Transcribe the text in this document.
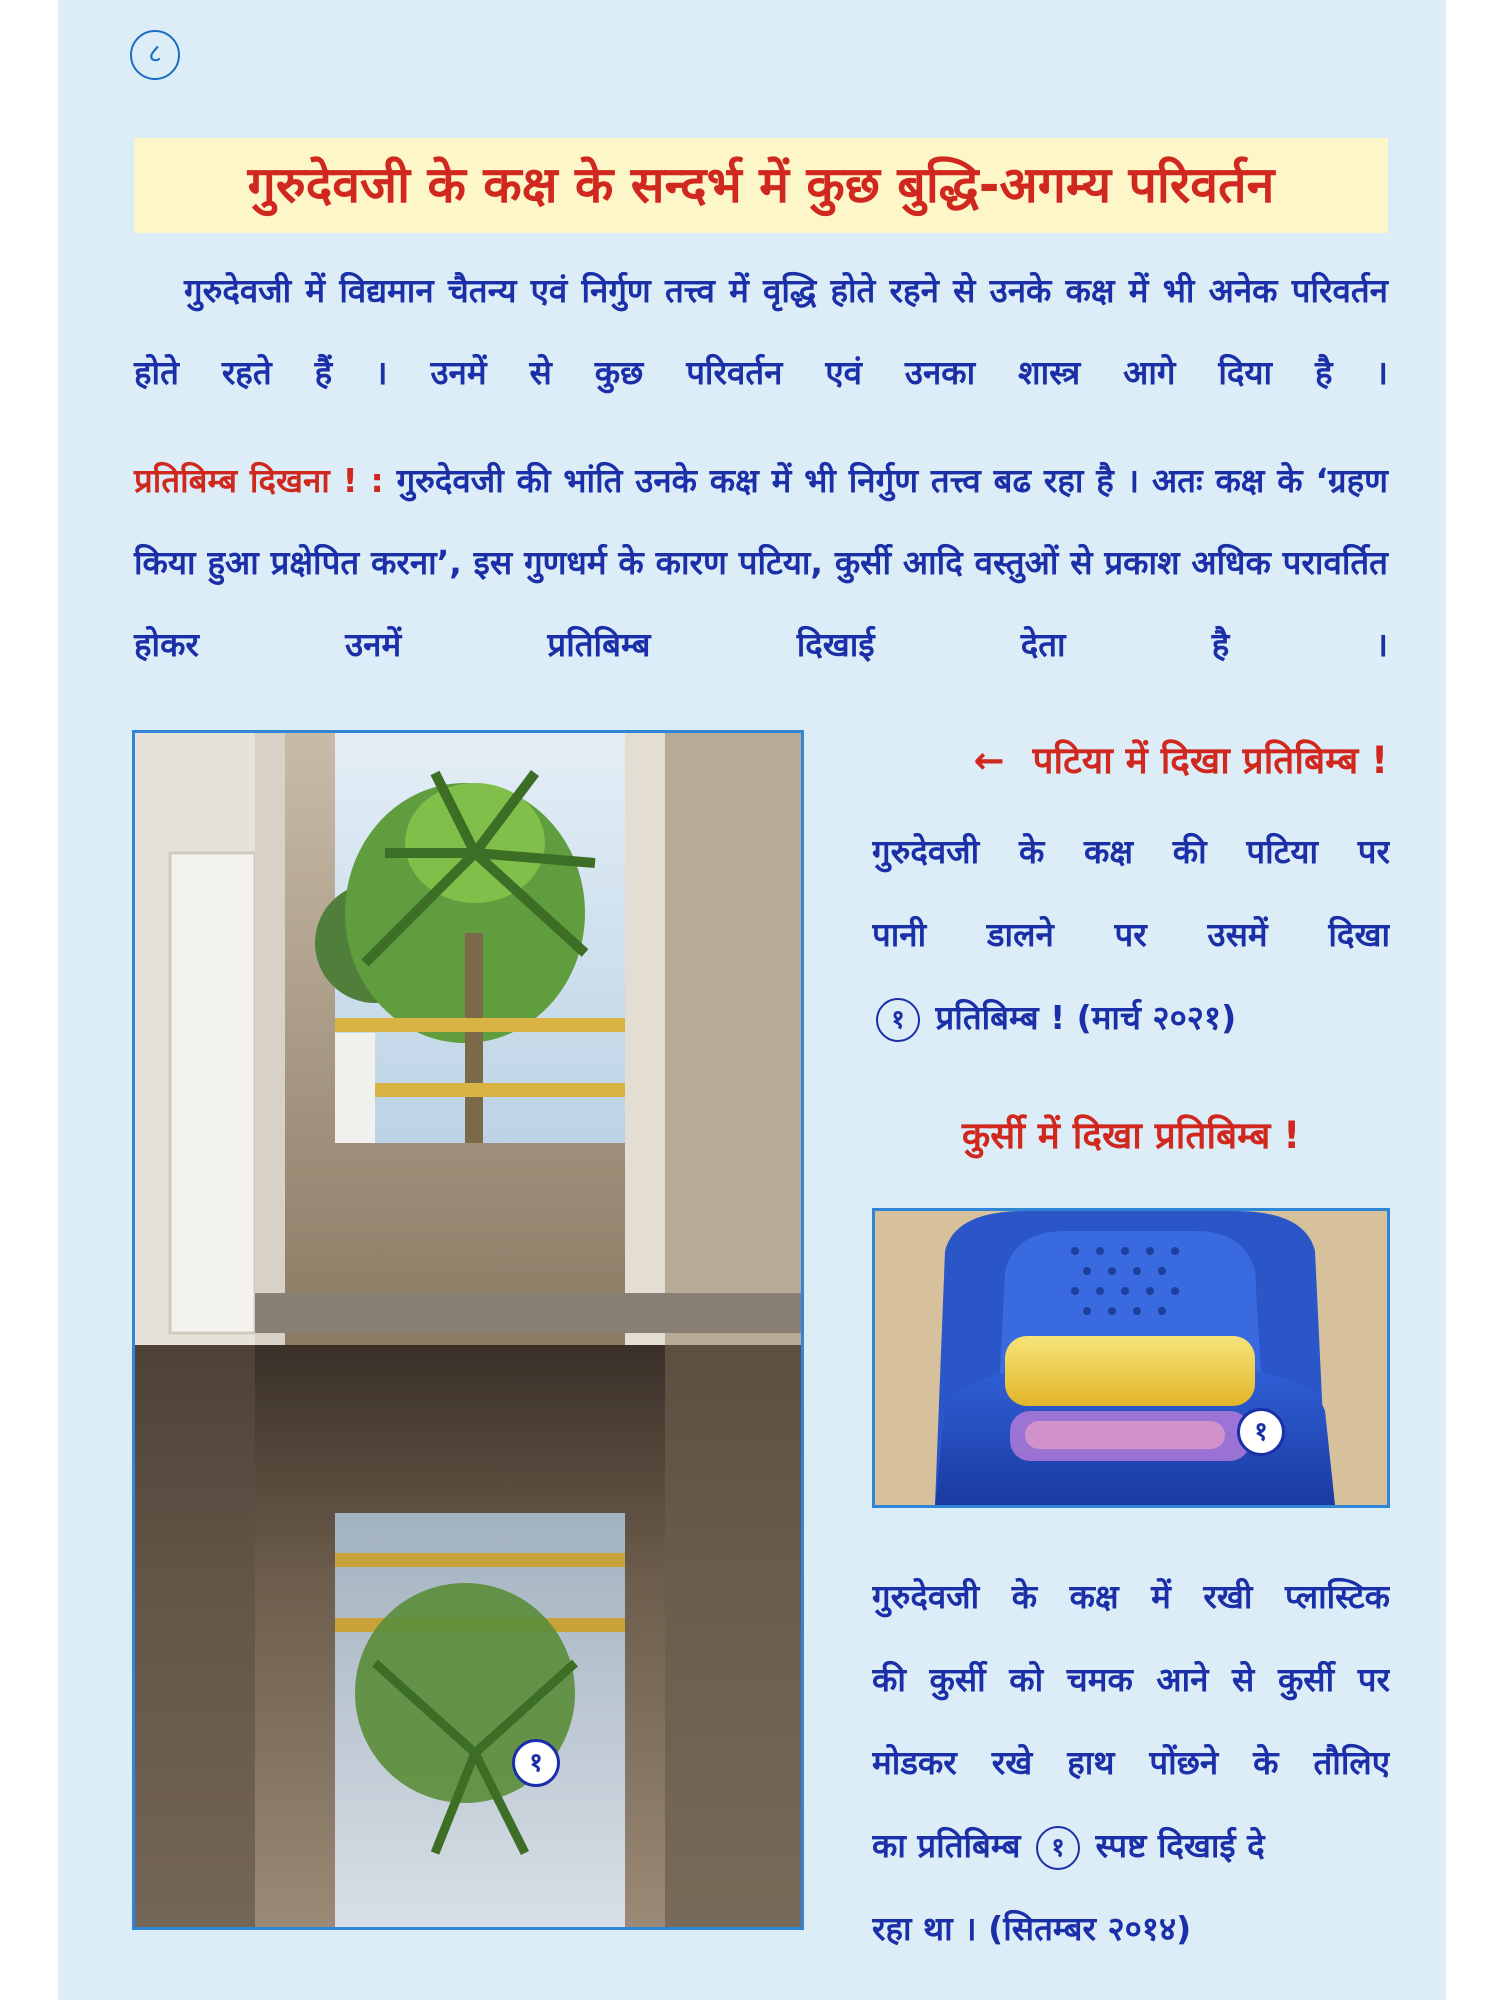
८
गुरुदेवजी के कक्ष के सन्दर्भ में कुछ बुद्धि-अगम्य परिवर्तन
गुरुदेवजी में विद्यमान चैतन्य एवं निर्गुण तत्त्व में वृद्धि होते रहने से उनके कक्ष में भी अनेक परिवर्तन होते रहते हैं । उनमें से कुछ परिवर्तन एवं उनका शास्त्र आगे दिया है ।
प्रतिबिम्ब दिखना ! : गुरुदेवजी की भांति उनके कक्ष में भी निर्गुण तत्त्व बढ रहा है । अतः कक्ष के ‘ग्रहण किया हुआ प्रक्षेपित करना’, इस गुणधर्म के कारण पटिया, कुर्सी आदि वस्तुओं से प्रकाश अधिक परावर्तित होकर उनमें प्रतिबिम्ब दिखाई देता है ।
१
← पटिया में दिखा प्रतिबिम्ब !
गुरुदेवजी के कक्ष की पटिया पर
पानी डालने पर उसमें दिखा
१ प्रतिबिम्ब ! (मार्च २०२१)
कुर्सी में दिखा प्रतिबिम्ब !
१
गुरुदेवजी के कक्ष में रखी प्लास्टिक
की कुर्सी को चमक आने से कुर्सी पर
मोडकर रखे हाथ पोंछने के तौलिए
का प्रतिबिम्ब १ स्पष्ट दिखाई दे
रहा था । (सितम्बर २०१४)
